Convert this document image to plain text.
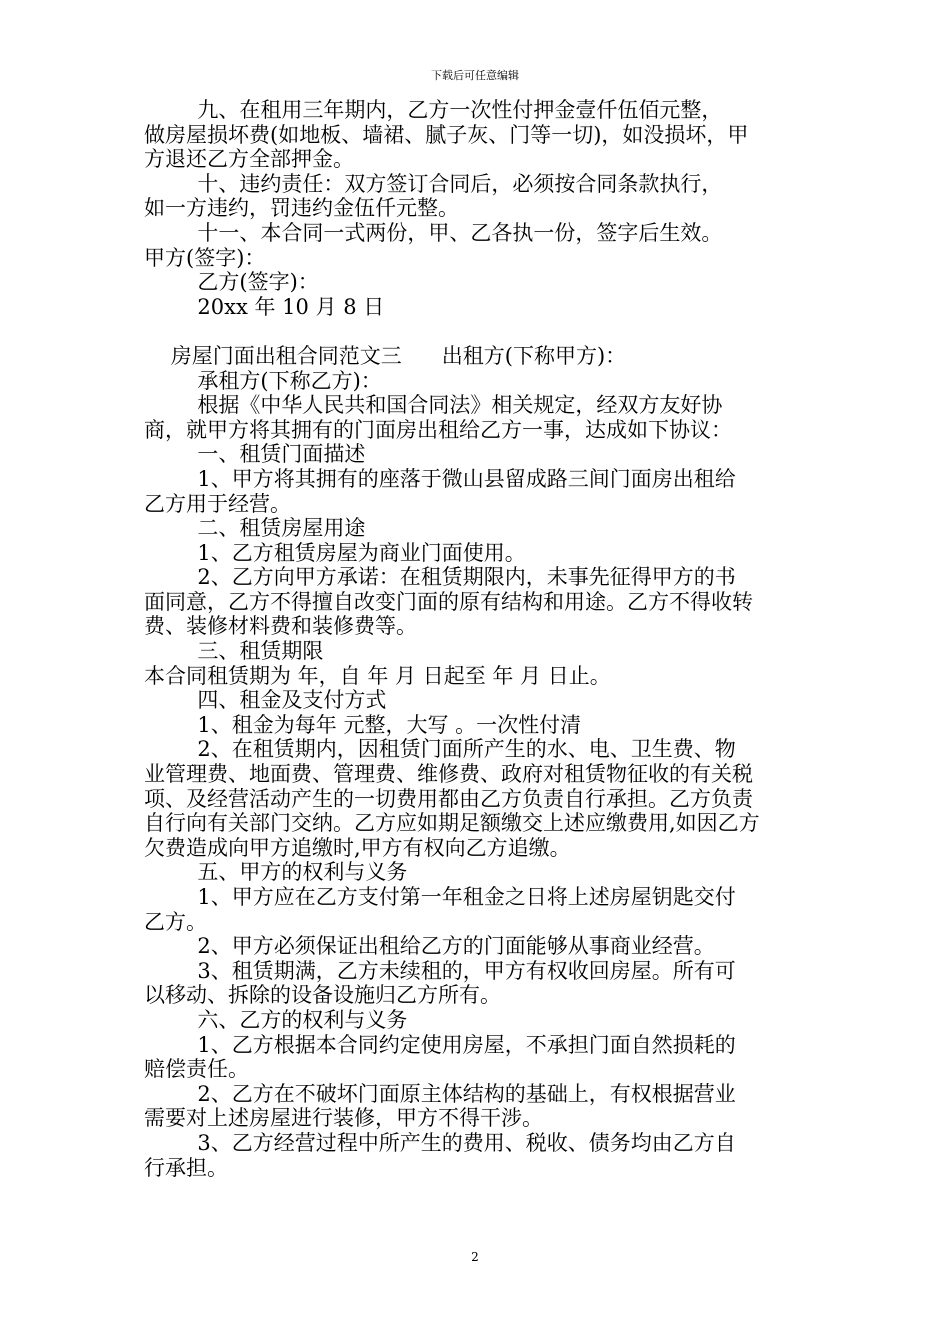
下载后可任意编辑
九、在租用三年期内，乙方一次性付押金壹仟伍佰元整，
做房屋损坏费(如地板、墙裙、腻子灰、门等一切)，如没损坏，甲
方退还乙方全部押金。
十、违约责任：双方签订合同后，必须按合同条款执行，
如一方违约，罚违约金伍仟元整。
十一、本合同一式两份，甲、乙各执一份，签字后生效。
甲方(签字)：
乙方(签字)：
20xx 年 10 月 8 日
房屋门面出租合同范文三      出租方(下称甲方)：
承租方(下称乙方)：
根据《中华人民共和国合同法》相关规定，经双方友好协
商，就甲方将其拥有的门面房出租给乙方一事，达成如下协议：
一、租赁门面描述
1、甲方将其拥有的座落于微山县留成路三间门面房出租给
乙方用于经营。
二、租赁房屋用途
1、乙方租赁房屋为商业门面使用。
2、乙方向甲方承诺：在租赁期限内，未事先征得甲方的书
面同意，乙方不得擅自改变门面的原有结构和用途。乙方不得收转
费、装修材料费和装修费等。
三、租赁期限
本合同租赁期为 年，自 年 月 日起至 年 月 日止。
四、租金及支付方式
1、租金为每年 元整，大写 。一次性付清
2、在租赁期内，因租赁门面所产生的水、电、卫生费、物
业管理费、地面费、管理费、维修费、政府对租赁物征收的有关税
项、及经营活动产生的一切费用都由乙方负责自行承担。乙方负责
自行向有关部门交纳。乙方应如期足额缴交上述应缴费用,如因乙方
欠费造成向甲方追缴时,甲方有权向乙方追缴。
五、甲方的权利与义务
1、甲方应在乙方支付第一年租金之日将上述房屋钥匙交付
乙方。
2、甲方必须保证出租给乙方的门面能够从事商业经营。
3、租赁期满，乙方未续租的，甲方有权收回房屋。所有可
以移动、拆除的设备设施归乙方所有。
六、乙方的权利与义务
1、乙方根据本合同约定使用房屋，不承担门面自然损耗的
赔偿责任。
2、乙方在不破坏门面原主体结构的基础上，有权根据营业
需要对上述房屋进行装修，甲方不得干涉。
3、乙方经营过程中所产生的费用、税收、债务均由乙方自
行承担。
2
